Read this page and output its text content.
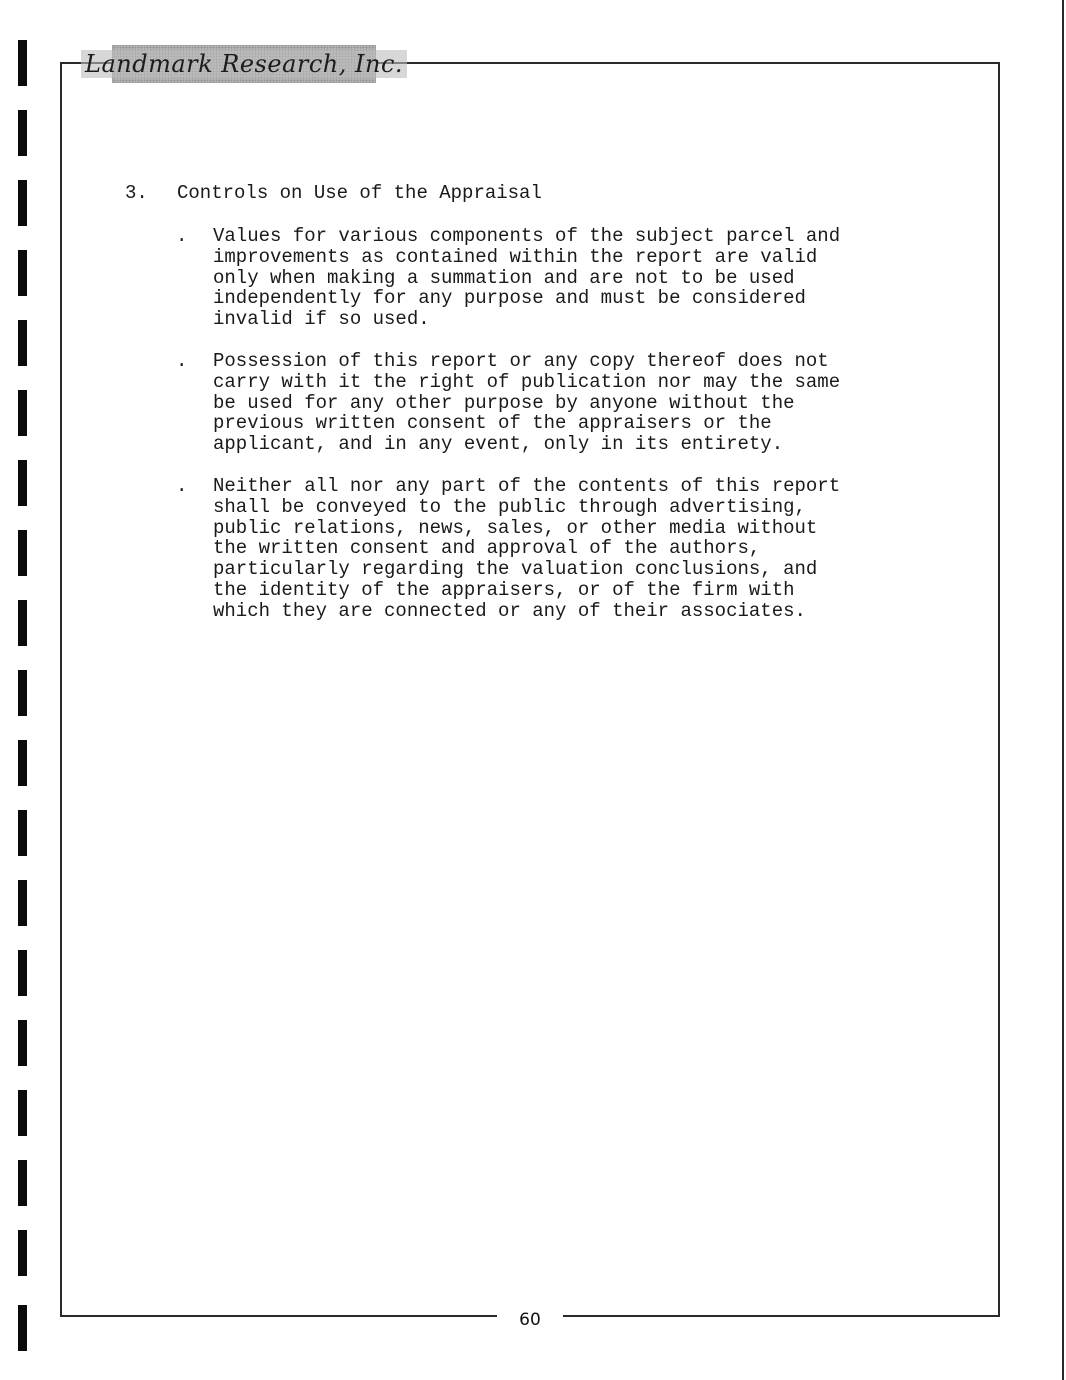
Landmark Research, Inc.
3. Controls on Use of the Appraisal
. Values for various components of the subject parcel and
improvements as contained within the report are valid
only when making a summation and are not to be used
independently for any purpose and must be considered
invalid if so used.
. Possession of this report or any copy thereof does not
carry with it the right of publication nor may the same
be used for any other purpose by anyone without the
previous written consent of the appraisers or the
applicant, and in any event, only in its entirety.
. Neither all nor any part of the contents of this report
shall be conveyed to the public through advertising,
public relations, news, sales, or other media without
the written consent and approval of the authors,
particularly regarding the valuation conclusions, and
the identity of the appraisers, or of the firm with
which they are connected or any of their associates.
60
